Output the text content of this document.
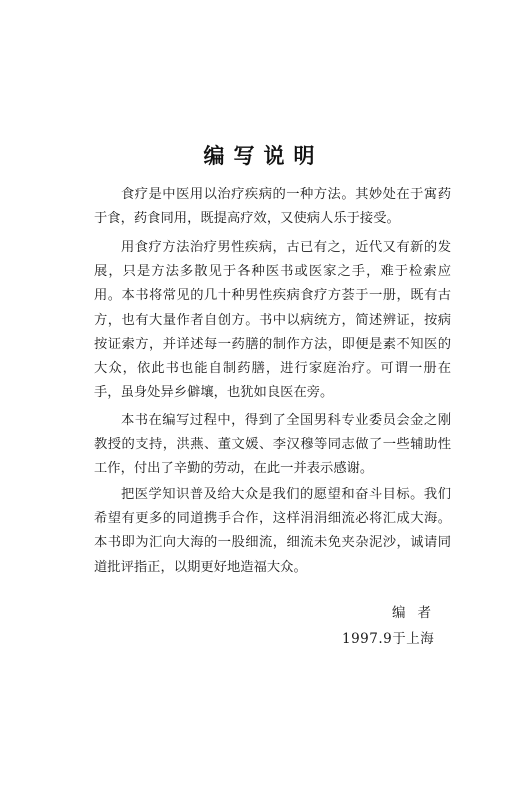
编写说明

食疗是中医用以治疗疾病的一种方法。其妙处在于寓药于食，药食同用，既提高疗效，又使病人乐于接受。

用食疗方法治疗男性疾病，古已有之，近代又有新的发展，只是方法多散见于各种医书或医家之手，难于检索应用。本书将常见的几十种男性疾病食疗方荟于一册，既有古方，也有大量作者自创方。书中以病统方，简述辨证，按病按证索方，并详述每一药膳的制作方法，即便是素不知医的大众，依此书也能自制药膳，进行家庭治疗。可谓一册在手，虽身处异乡僻壤，也犹如良医在旁。

本书在编写过程中，得到了全国男科专业委员会金之刚教授的支持，洪燕、董文媛、李汉穆等同志做了一些辅助性工作，付出了辛勤的劳动，在此一并表示感谢。

把医学知识普及给大众是我们的愿望和奋斗目标。我们希望有更多的同道携手合作，这样涓涓细流必将汇成大海。本书即为汇向大海的一股细流，细流未免夹杂泥沙，诚请同道批评指正，以期更好地造福大众。

编者
1997.9于上海
